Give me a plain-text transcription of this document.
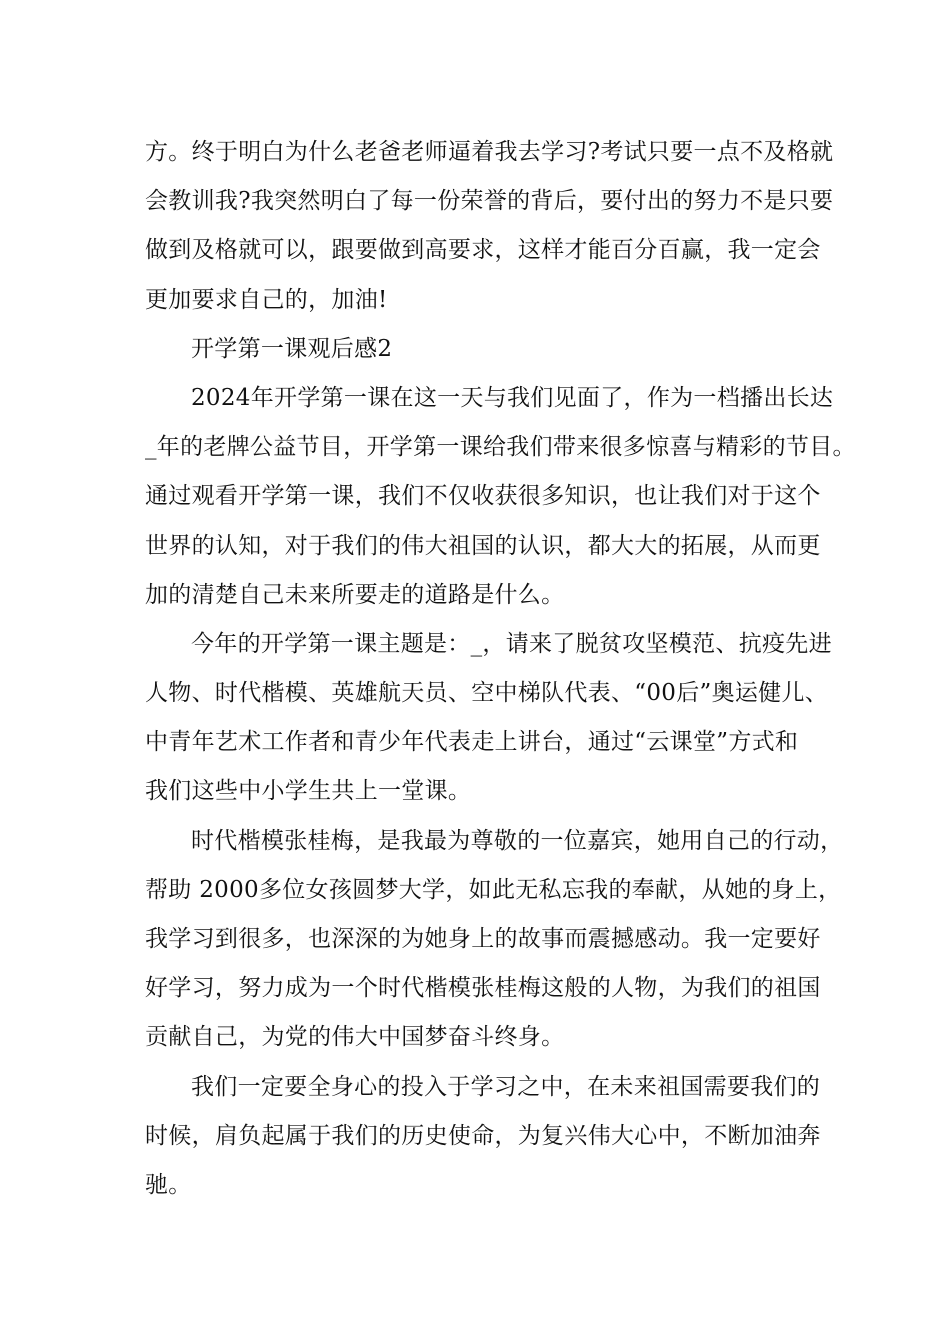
方。终于明白为什么老爸老师逼着我去学习?考试只要一点不及格就
会教训我?我突然明白了每一份荣誉的背后，要付出的努力不是只要
做到及格就可以，跟要做到高要求，这样才能百分百赢，我一定会
更加要求自己的，加油!
开学第一课观后感2
2024年开学第一课在这一天与我们见面了，作为一档播出长达
_年的老牌公益节目，开学第一课给我们带来很多惊喜与精彩的节目。
通过观看开学第一课，我们不仅收获很多知识，也让我们对于这个
世界的认知，对于我们的伟大祖国的认识，都大大的拓展，从而更
加的清楚自己未来所要走的道路是什么。
今年的开学第一课主题是：_，请来了脱贫攻坚模范、抗疫先进
人物、时代楷模、英雄航天员、空中梯队代表、“00后”奥运健儿、
中青年艺术工作者和青少年代表走上讲台，通过“云课堂”方式和
我们这些中小学生共上一堂课。
时代楷模张桂梅，是我最为尊敬的一位嘉宾，她用自己的行动，
帮助 2000多位女孩圆梦大学，如此无私忘我的奉献，从她的身上，
我学习到很多，也深深的为她身上的故事而震撼感动。我一定要好
好学习，努力成为一个时代楷模张桂梅这般的人物，为我们的祖国
贡献自己，为党的伟大中国梦奋斗终身。
我们一定要全身心的投入于学习之中，在未来祖国需要我们的
时候，肩负起属于我们的历史使命，为复兴伟大心中，不断加油奔
驰。
